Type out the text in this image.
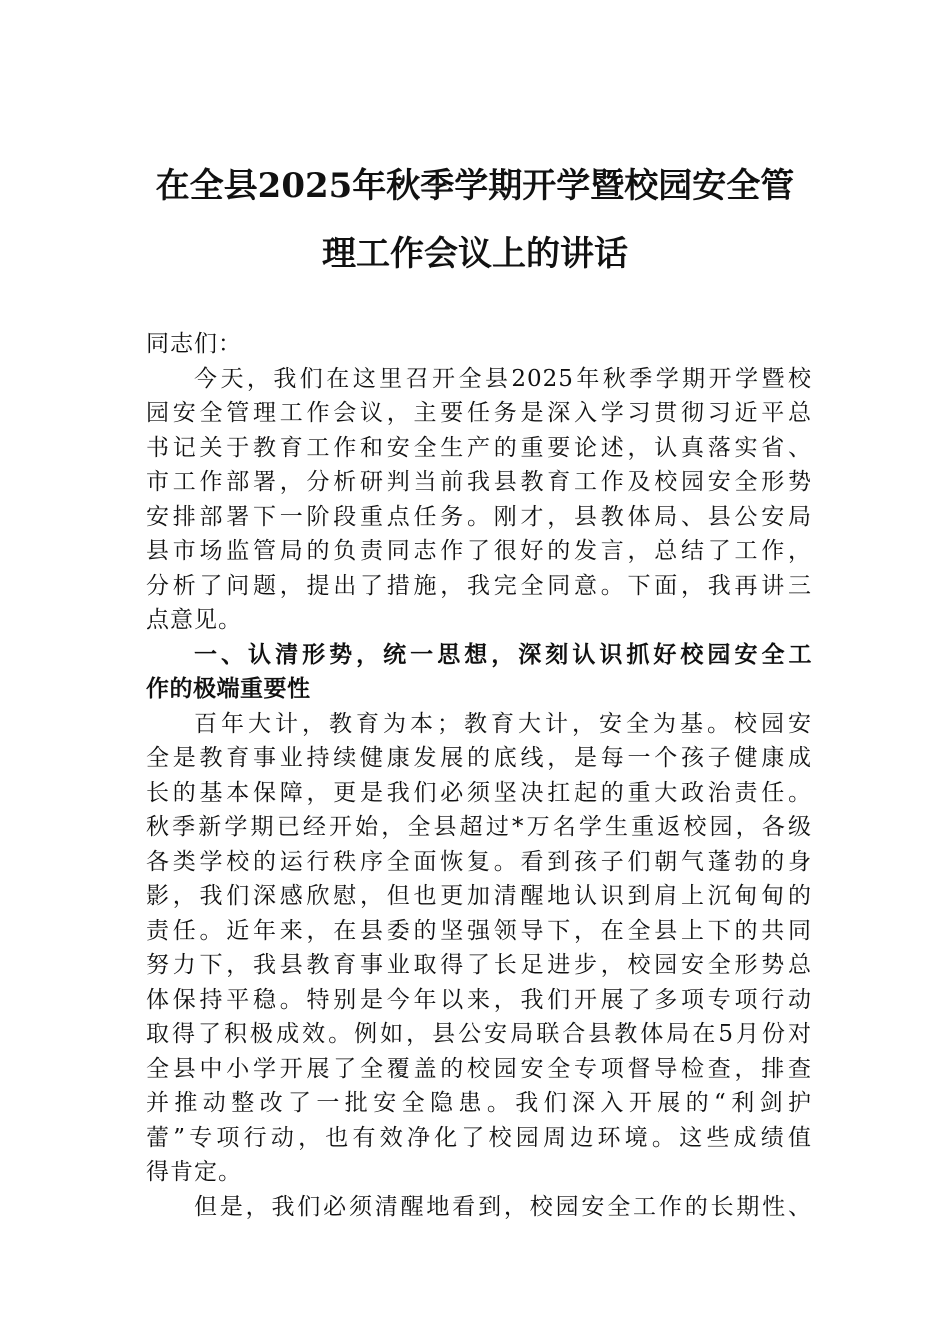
在全县2025年秋季学期开学暨校园安全管
理工作会议上的讲话
同志们：
今天，我们在这里召开全县2025年秋季学期开学暨校
园安全管理工作会议，主要任务是深入学习贯彻习近平总
书记关于教育工作和安全生产的重要论述，认真落实省、
市工作部署，分析研判当前我县教育工作及校园安全形势
安排部署下一阶段重点任务。刚才，县教体局、县公安局
县市场监管局的负责同志作了很好的发言，总结了工作，
分析了问题，提出了措施，我完全同意。下面，我再讲三
点意见。
一、认清形势，统一思想，深刻认识抓好校园安全工
作的极端重要性
百年大计，教育为本；教育大计，安全为基。校园安
全是教育事业持续健康发展的底线，是每一个孩子健康成
长的基本保障，更是我们必须坚决扛起的重大政治责任。
秋季新学期已经开始，全县超过*万名学生重返校园，各级
各类学校的运行秩序全面恢复。看到孩子们朝气蓬勃的身
影，我们深感欣慰，但也更加清醒地认识到肩上沉甸甸的
责任。近年来，在县委的坚强领导下，在全县上下的共同
努力下，我县教育事业取得了长足进步，校园安全形势总
体保持平稳。特别是今年以来，我们开展了多项专项行动
取得了积极成效。例如，县公安局联合县教体局在5月份对
全县中小学开展了全覆盖的校园安全专项督导检查，排查
并推动整改了一批安全隐患。我们深入开展的“利剑护
蕾”专项行动，也有效净化了校园周边环境。这些成绩值
得肯定。
但是，我们必须清醒地看到，校园安全工作的长期性、
